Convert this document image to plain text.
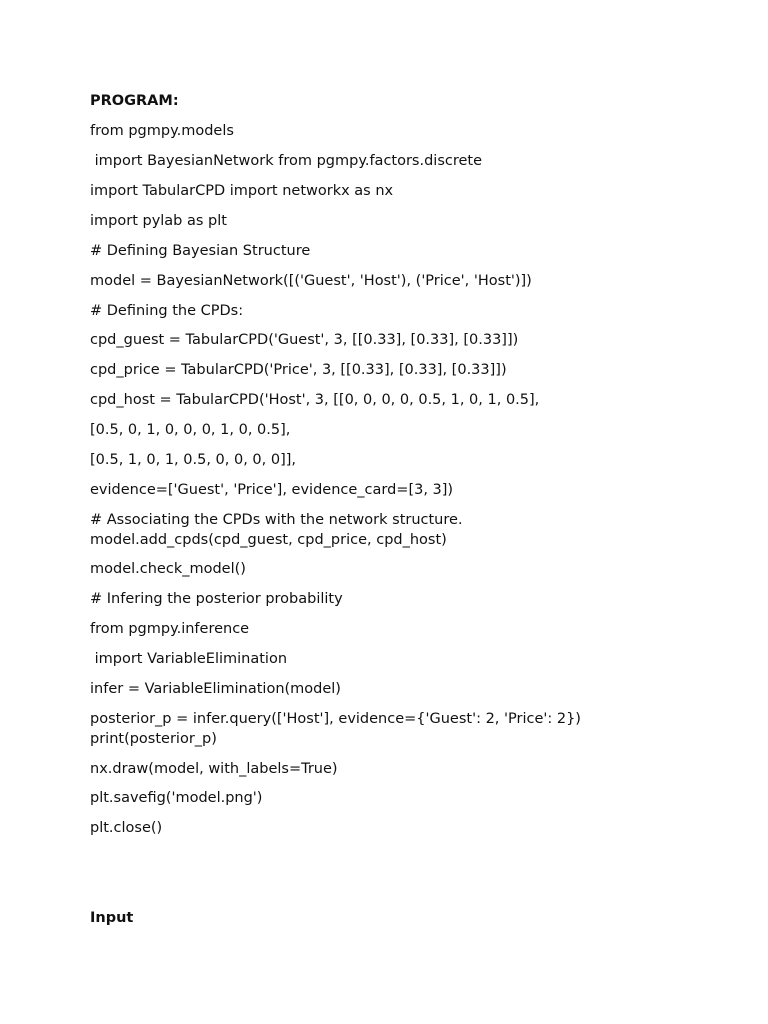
PROGRAM:

from pgmpy.models

import BayesianNetwork from pgmpy.factors.discrete

import TabularCPD import networkx as nx

import pylab as plt

# Defining Bayesian Structure

model = BayesianNetwork([('Guest', 'Host'), ('Price', 'Host')])

# Defining the CPDs:

cpd_guest = TabularCPD('Guest', 3, [[0.33], [0.33], [0.33]])

cpd_price = TabularCPD('Price', 3, [[0.33], [0.33], [0.33]])

cpd_host = TabularCPD('Host', 3, [[0, 0, 0, 0, 0.5, 1, 0, 1, 0.5],

[0.5, 0, 1, 0, 0, 0, 1, 0, 0.5],

[0.5, 1, 0, 1, 0.5, 0, 0, 0, 0]],

evidence=['Guest', 'Price'], evidence_card=[3, 3])

# Associating the CPDs with the network structure.

model.add_cpds(cpd_guest, cpd_price, cpd_host)

model.check_model()

# Infering the posterior probability

from pgmpy.inference

import VariableElimination

infer = VariableElimination(model)

posterior_p = infer.query(['Host'], evidence={'Guest': 2, 'Price': 2})

print(posterior_p)

nx.draw(model, with_labels=True)

plt.savefig('model.png')

plt.close()

Input
